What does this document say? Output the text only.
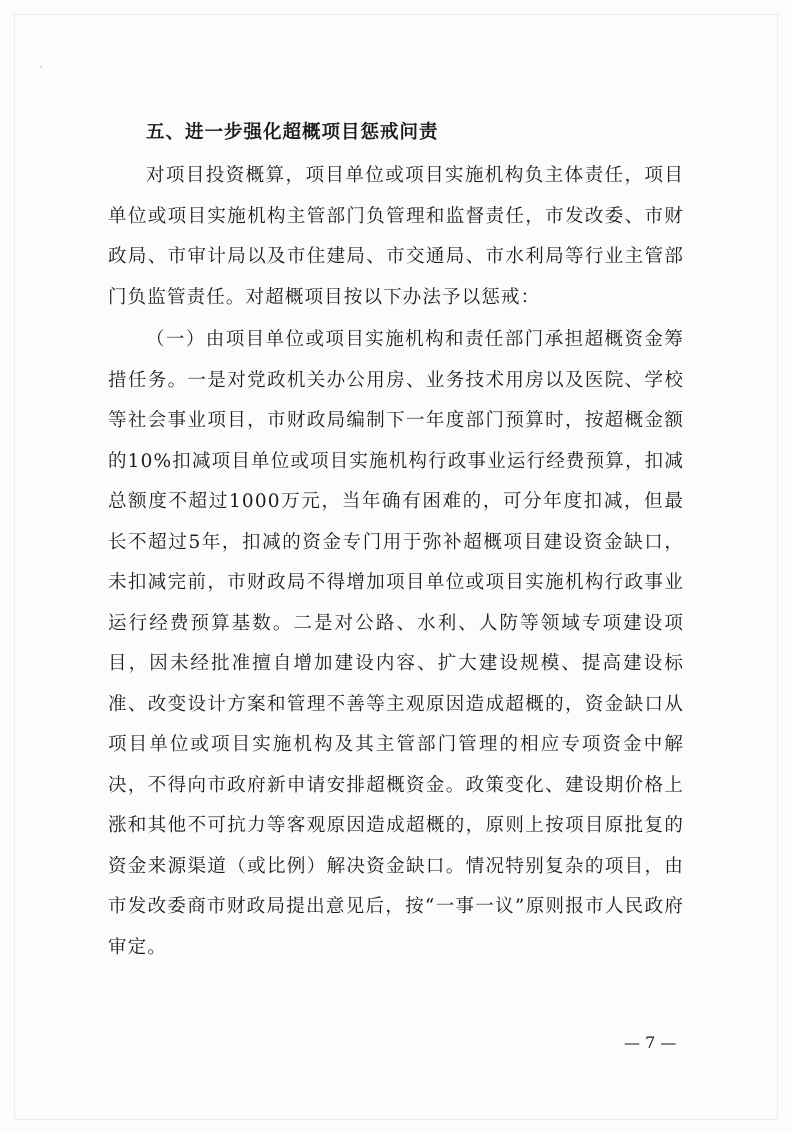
五、进一步强化超概项目惩戒问责

对项目投资概算，项目单位或项目实施机构负主体责任，项目单位或项目实施机构主管部门负管理和监督责任，市发改委、市财政局、市审计局以及市住建局、市交通局、市水利局等行业主管部门负监管责任。对超概项目按以下办法予以惩戒：

（一）由项目单位或项目实施机构和责任部门承担超概资金筹措任务。一是对党政机关办公用房、业务技术用房以及医院、学校等社会事业项目，市财政局编制下一年度部门预算时，按超概金额的10%扣减项目单位或项目实施机构行政事业运行经费预算，扣减总额度不超过1000万元，当年确有困难的，可分年度扣减，但最长不超过5年，扣减的资金专门用于弥补超概项目建设资金缺口，未扣减完前，市财政局不得增加项目单位或项目实施机构行政事业运行经费预算基数。二是对公路、水利、人防等领域专项建设项目，因未经批准擅自增加建设内容、扩大建设规模、提高建设标准、改变设计方案和管理不善等主观原因造成超概的，资金缺口从项目单位或项目实施机构及其主管部门管理的相应专项资金中解决，不得向市政府新申请安排超概资金。政策变化、建设期价格上涨和其他不可抗力等客观原因造成超概的，原则上按项目原批复的资金来源渠道（或比例）解决资金缺口。情况特别复杂的项目，由市发改委商市财政局提出意见后，按“一事一议”原则报市人民政府审定。

— 7 —
